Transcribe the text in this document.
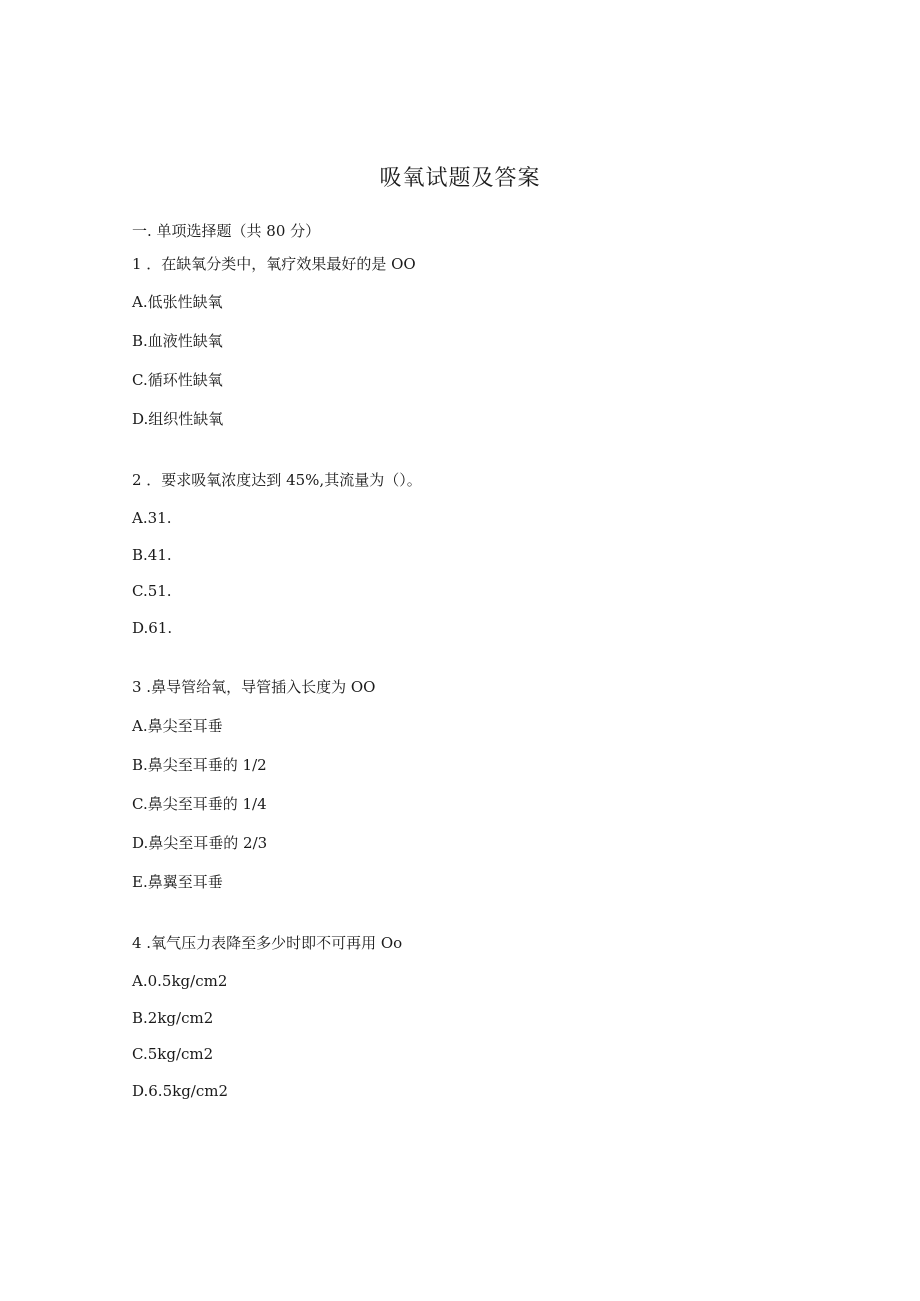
吸氧试题及答案
一. 单项选择题（共 80 分）
1 ．在缺氧分类中，氧疗效果最好的是 OO
A.低张性缺氧
B.血液性缺氧
C.循环性缺氧
D.组织性缺氧
2 ．要求吸氧浓度达到 45%,其流量为（）。
A.31.
B.41.
C.51.
D.61.
3 .鼻导管给氧，导管插入长度为 OO
A.鼻尖至耳垂
B.鼻尖至耳垂的 1/2
C.鼻尖至耳垂的 1/4
D.鼻尖至耳垂的 2/3
E.鼻翼至耳垂
4 .氧气压力表降至多少时即不可再用 Oo
A.0.5kg∕cm2
B.2kg∕cm2
C.5kg∕cm2
D.6.5kg∕cm2
